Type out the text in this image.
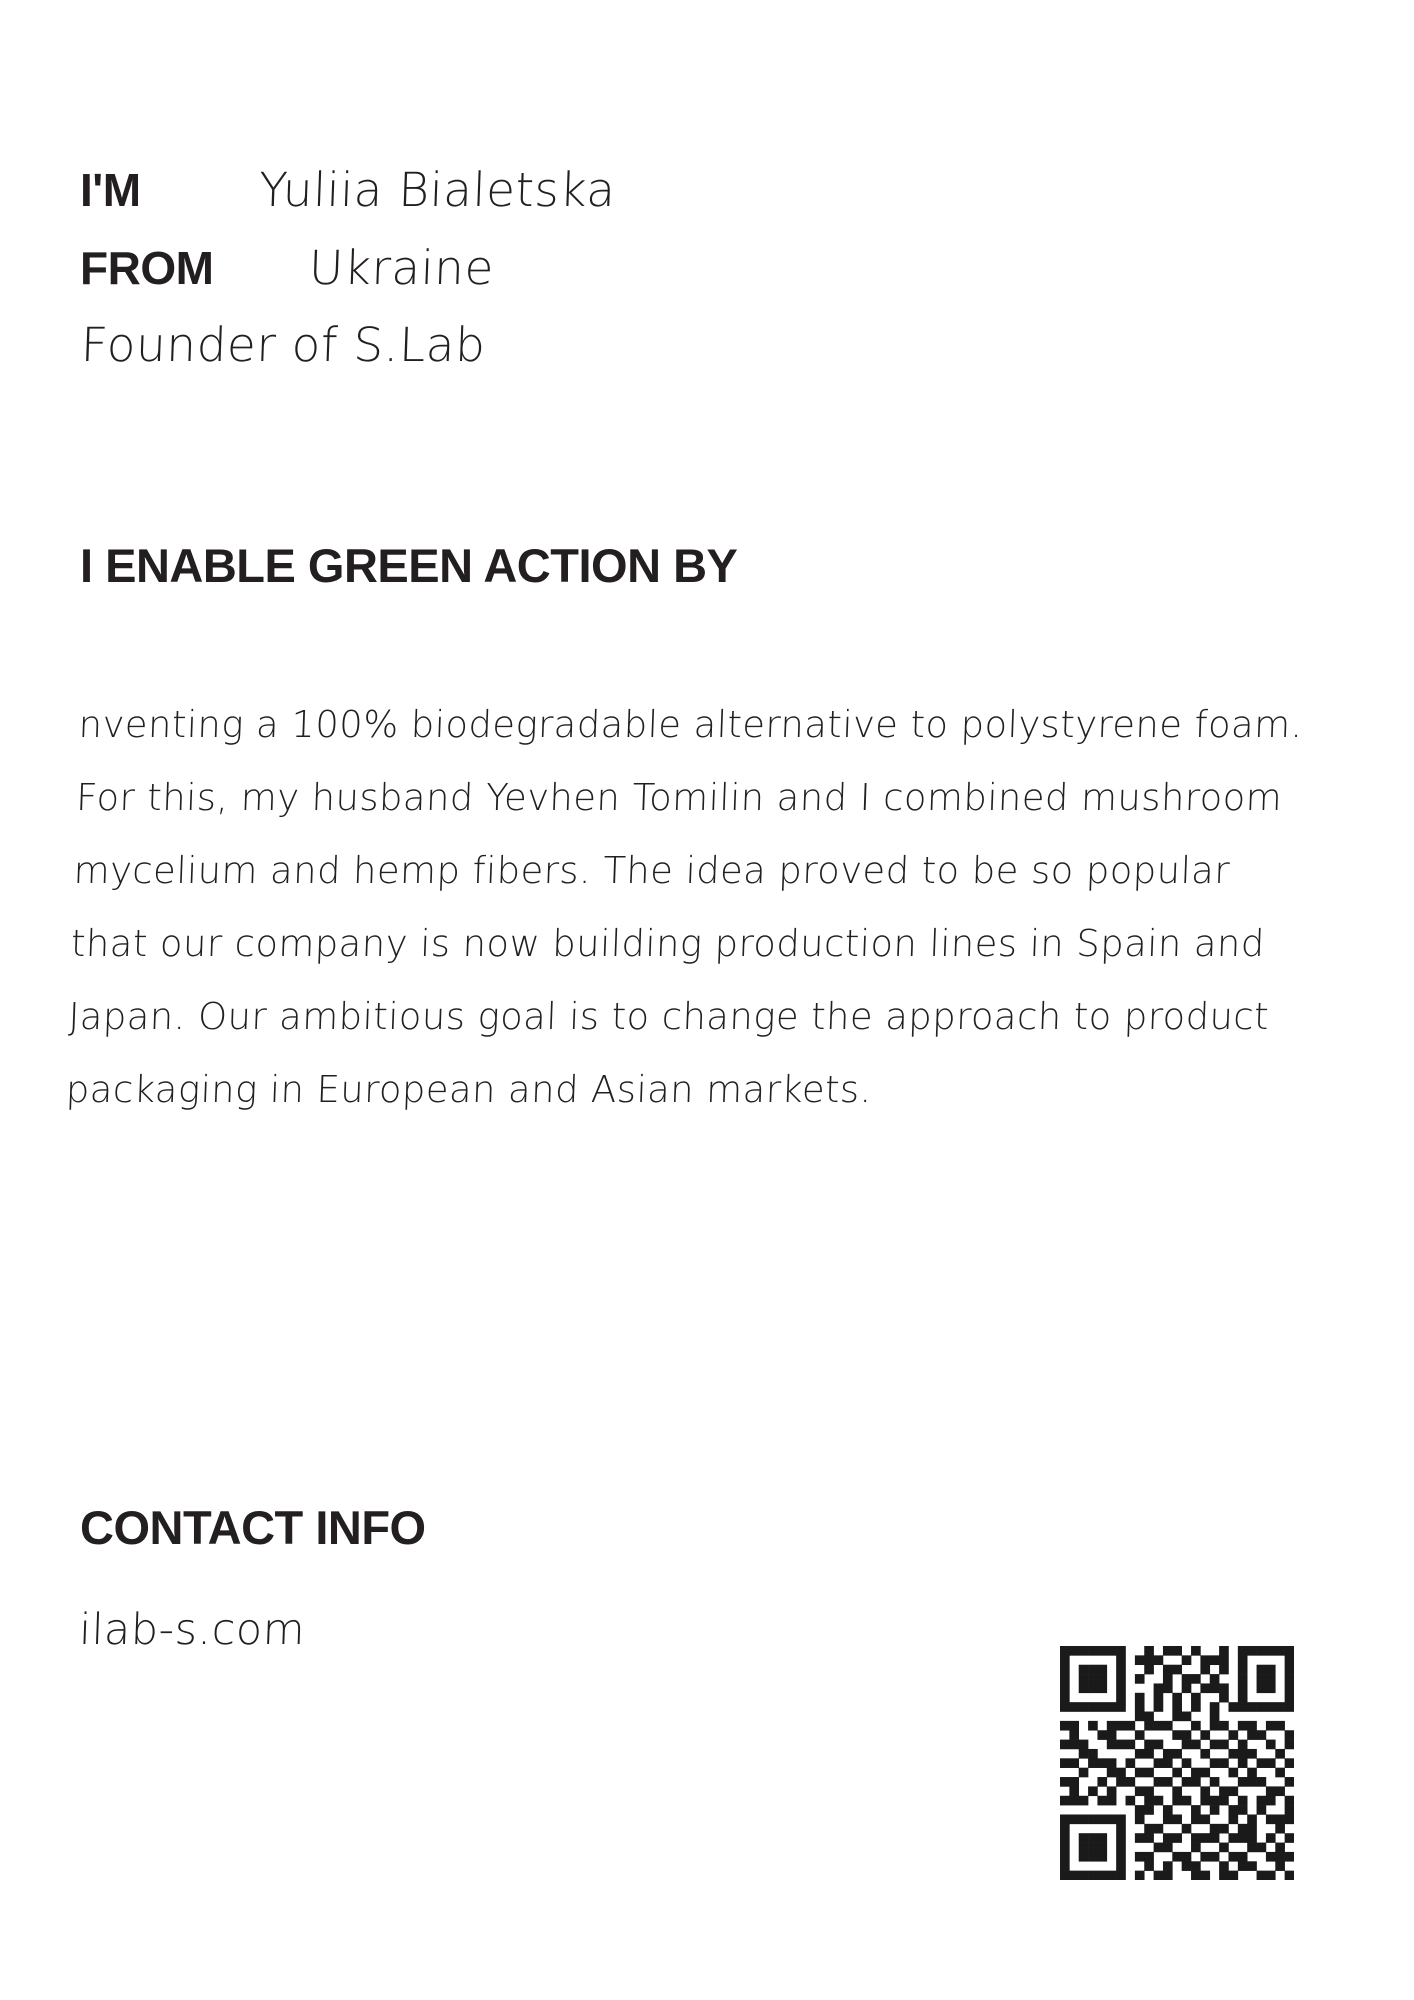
I'M	Yuliia Bialetska
FROM	Ukraine
Founder of S.Lab
I ENABLE GREEN ACTION BY
nventing a 100% biodegradable alternative to polystyrene foam. For this, my husband Yevhen Tomilin and I combined mushroom mycelium and hemp fibers. The idea proved to be so popular that our company is now building production lines in Spain and Japan. Our ambitious goal is to change the approach to product packaging in European and Asian markets.
CONTACT INFO
ilab-s.com
